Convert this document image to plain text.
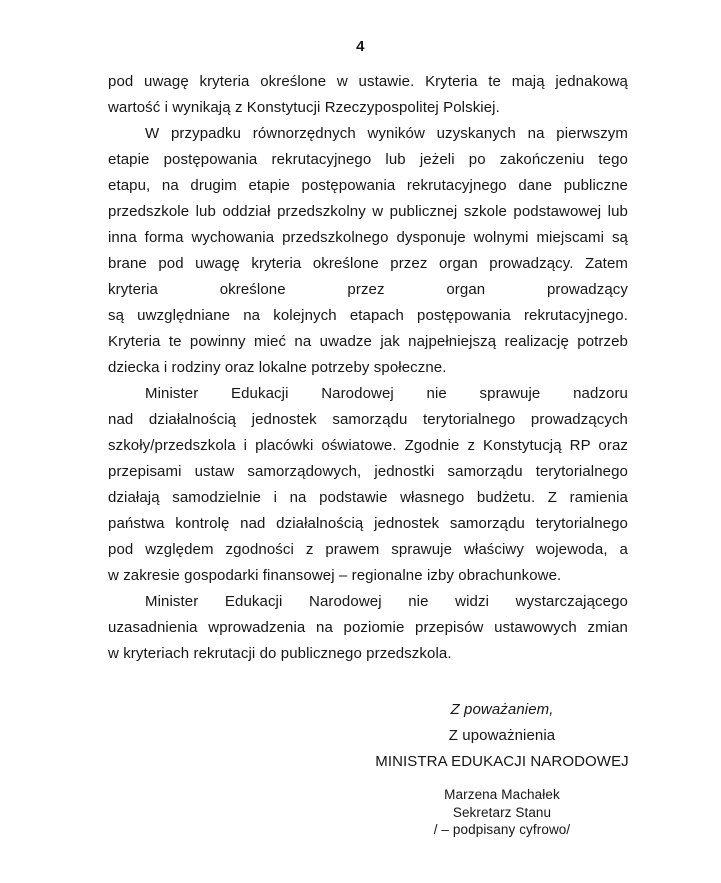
4
pod uwagę kryteria określone w ustawie. Kryteria te mają jednakową
wartość i wynikają z Konstytucji Rzeczypospolitej Polskiej.
W przypadku równorzędnych wyników uzyskanych na pierwszym
etapie postępowania rekrutacyjnego lub jeżeli po zakończeniu tego
etapu, na drugim etapie postępowania rekrutacyjnego dane publiczne
przedszkole lub oddział przedszkolny w publicznej szkole podstawowej lub
inna forma wychowania przedszkolnego dysponuje wolnymi miejscami są
brane pod uwagę kryteria określone przez organ prowadzący. Zatem
kryteria określone przez organ prowadzący
są uwzględniane na kolejnych etapach postępowania rekrutacyjnego.
Kryteria te powinny mieć na uwadze jak najpełniejszą realizację potrzeb
dziecka i rodziny oraz lokalne potrzeby społeczne.
Minister Edukacji Narodowej nie sprawuje nadzoru
nad działalnością jednostek samorządu terytorialnego prowadzących
szkoły/przedszkola i placówki oświatowe. Zgodnie z Konstytucją RP oraz
przepisami ustaw samorządowych, jednostki samorządu terytorialnego
działają samodzielnie i na podstawie własnego budżetu. Z ramienia
państwa kontrolę nad działalnością jednostek samorządu terytorialnego
pod względem zgodności z prawem sprawuje właściwy wojewoda, a
w zakresie gospodarki finansowej – regionalne izby obrachunkowe.
Minister Edukacji Narodowej nie widzi wystarczającego
uzasadnienia wprowadzenia na poziomie przepisów ustawowych zmian
w kryteriach rekrutacji do publicznego przedszkola.
Z poważaniem,
Z upoważnienia
MINISTRA EDUKACJI NARODOWEJ
Marzena Machałek
Sekretarz Stanu
/ – podpisany cyfrowo/
